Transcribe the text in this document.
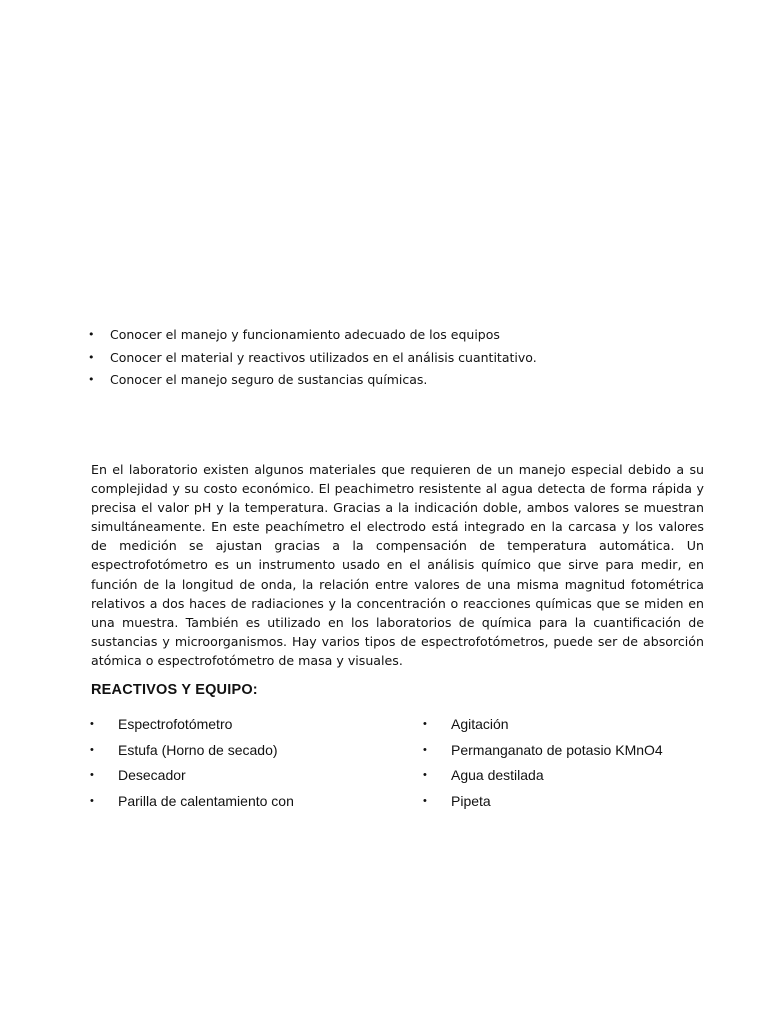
• Conocer el manejo y funcionamiento adecuado de los equipos
• Conocer el material y reactivos utilizados en el análisis cuantitativo.
• Conocer el manejo seguro de sustancias químicas.

En el laboratorio existen algunos materiales que requieren de un manejo especial debido a su complejidad y su costo económico. El peachimetro resistente al agua detecta de forma rápida y precisa el valor pH y la temperatura. Gracias a la indicación doble, ambos valores se muestran simultáneamente. En este peachímetro el electrodo está integrado en la carcasa y los valores de medición se ajustan gracias a la compensación de temperatura automática. Un espectrofotómetro es un instrumento usado en el análisis químico que sirve para medir, en función de la longitud de onda, la relación entre valores de una misma magnitud fotométrica relativos a dos haces de radiaciones y la concentración o reacciones químicas que se miden en una muestra. También es utilizado en los laboratorios de química para la cuantificación de sustancias y microorganismos. Hay varios tipos de espectrofotómetros, puede ser de absorción atómica o espectrofotómetro de masa y visuales.

REACTIVOS Y EQUIPO:
• Espectrofotómetro
• Estufa (Horno de secado)
• Desecador
• Parilla de calentamiento con
• Agitación
• Permanganato de potasio KMnO4
• Agua destilada
• Pipeta
